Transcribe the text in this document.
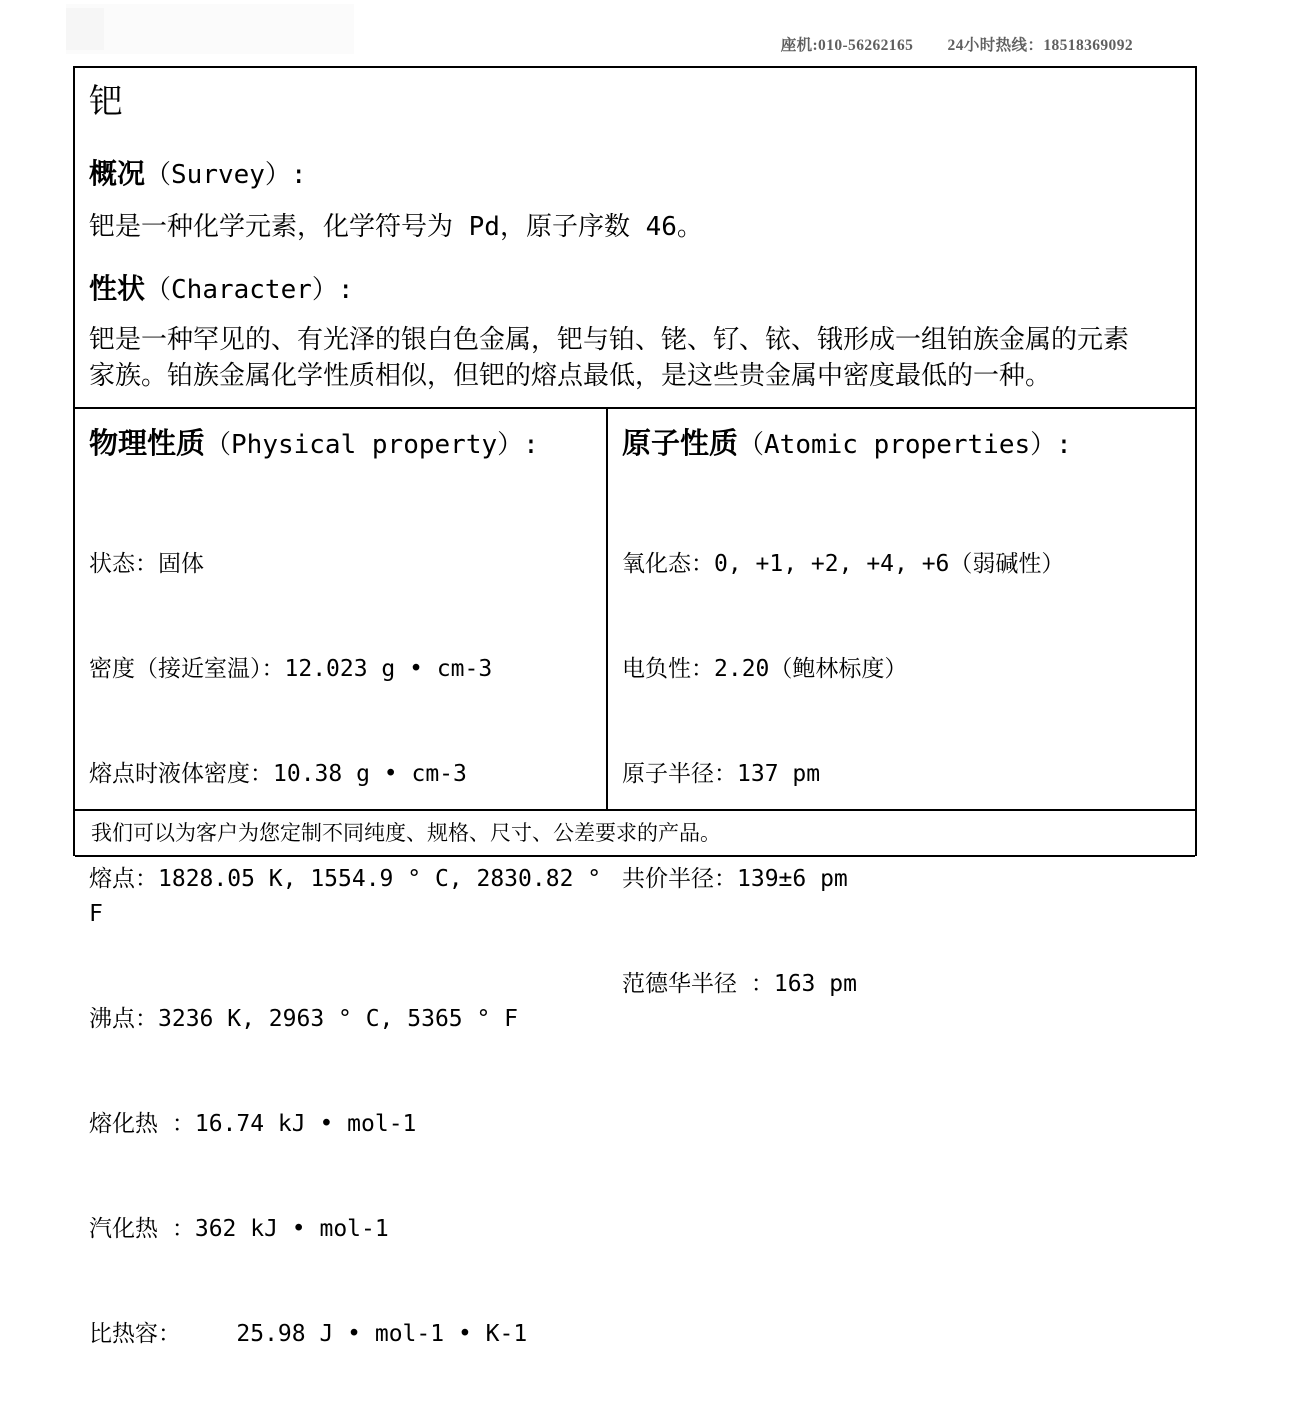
座机:010-56262165 24小时热线：18518369092
钯
概况（Survey）:

钯是一种化学元素，化学符号为 Pd，原子序数 46。

性状（Character）:

钯是一种罕见的、有光泽的银白色金属，钯与铂、铑、钌、铱、锇形成一组铂族金属的元素家族。铂族金属化学性质相似，但钯的熔点最低，是这些贵金属中密度最低的一种。

物理性质（Physical property）:

状态：固体

密度（接近室温）：12.023 g • cm-3

熔点时液体密度：10.38 g • cm-3

熔点：1828.05 K, 1554.9 ° C, 2830.82 ° F

沸点：3236 K, 2963 ° C, 5365 ° F

熔化热 ：16.74 kJ • mol-1

汽化热 ：362 kJ • mol-1

比热容：    25.98 J • mol-1 • K-1

原子性质（Atomic properties）:

氧化态：0, +1, +2, +4, +6（弱碱性）

电负性：2.20（鲍林标度）

原子半径：137 pm

共价半径：139±6 pm

范德华半径 ：163 pm

我们可以为客户为您定制不同纯度、规格、尺寸、公差要求的产品。
